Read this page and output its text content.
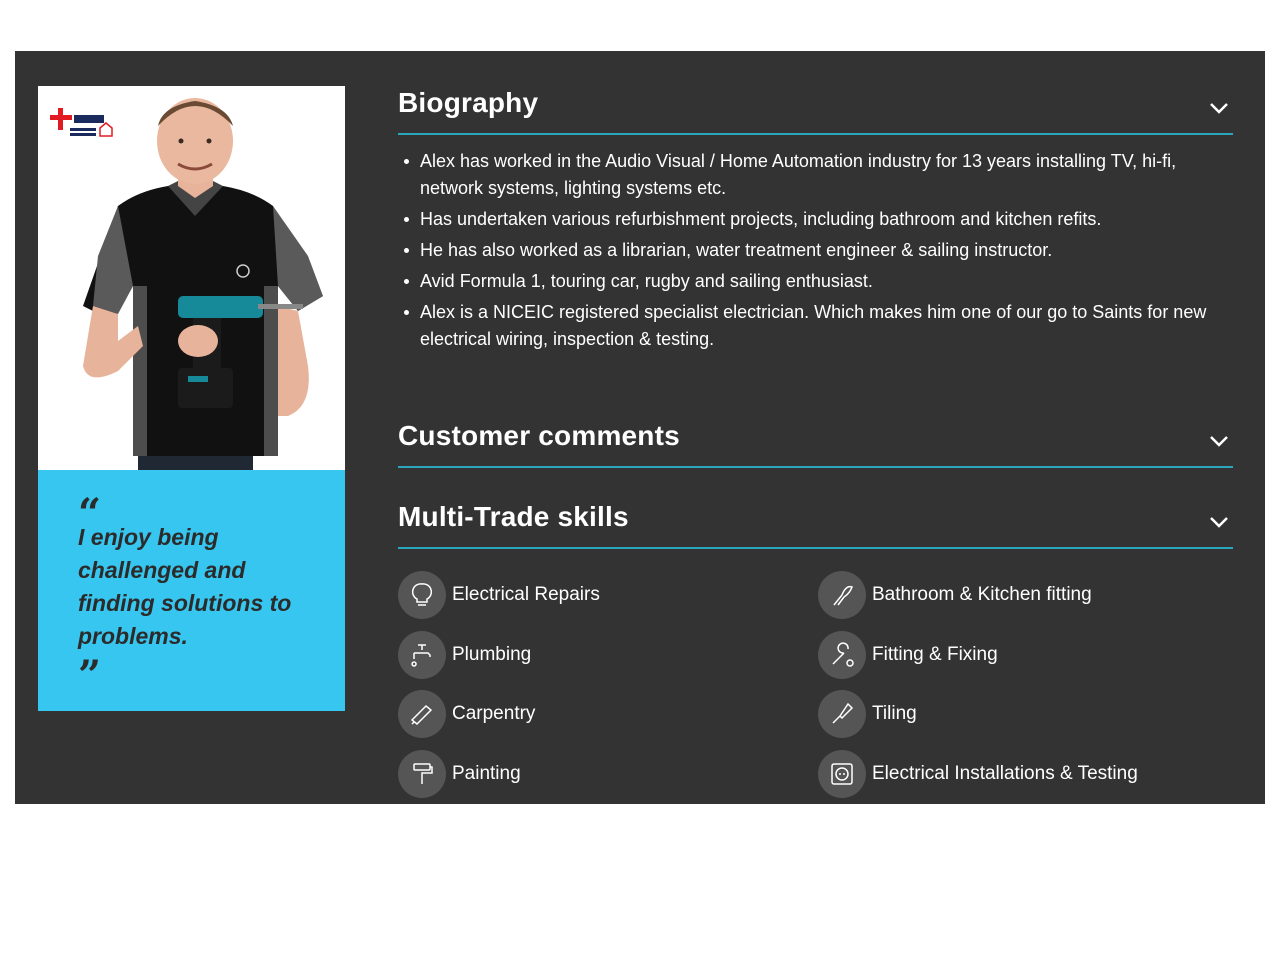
“
I enjoy being challenged and finding solutions to problems.
”
Biography
Alex has worked in the Audio Visual / Home Automation industry for 13 years installing TV, hi-fi, network systems, lighting systems etc.
Has undertaken various refurbishment projects, including bathroom and kitchen refits.
He has also worked as a librarian, water treatment engineer & sailing instructor.
Avid Formula 1, touring car, rugby and sailing enthusiast.
Alex is a NICEIC registered specialist electrician. Which makes him one of our go to Saints for new electrical wiring, inspection & testing.
Customer comments
Multi-Trade skills
Electrical Repairs	Bathroom & Kitchen fitting
Plumbing	Fitting & Fixing
Carpentry	Tiling
Painting	Electrical Installations & Testing
